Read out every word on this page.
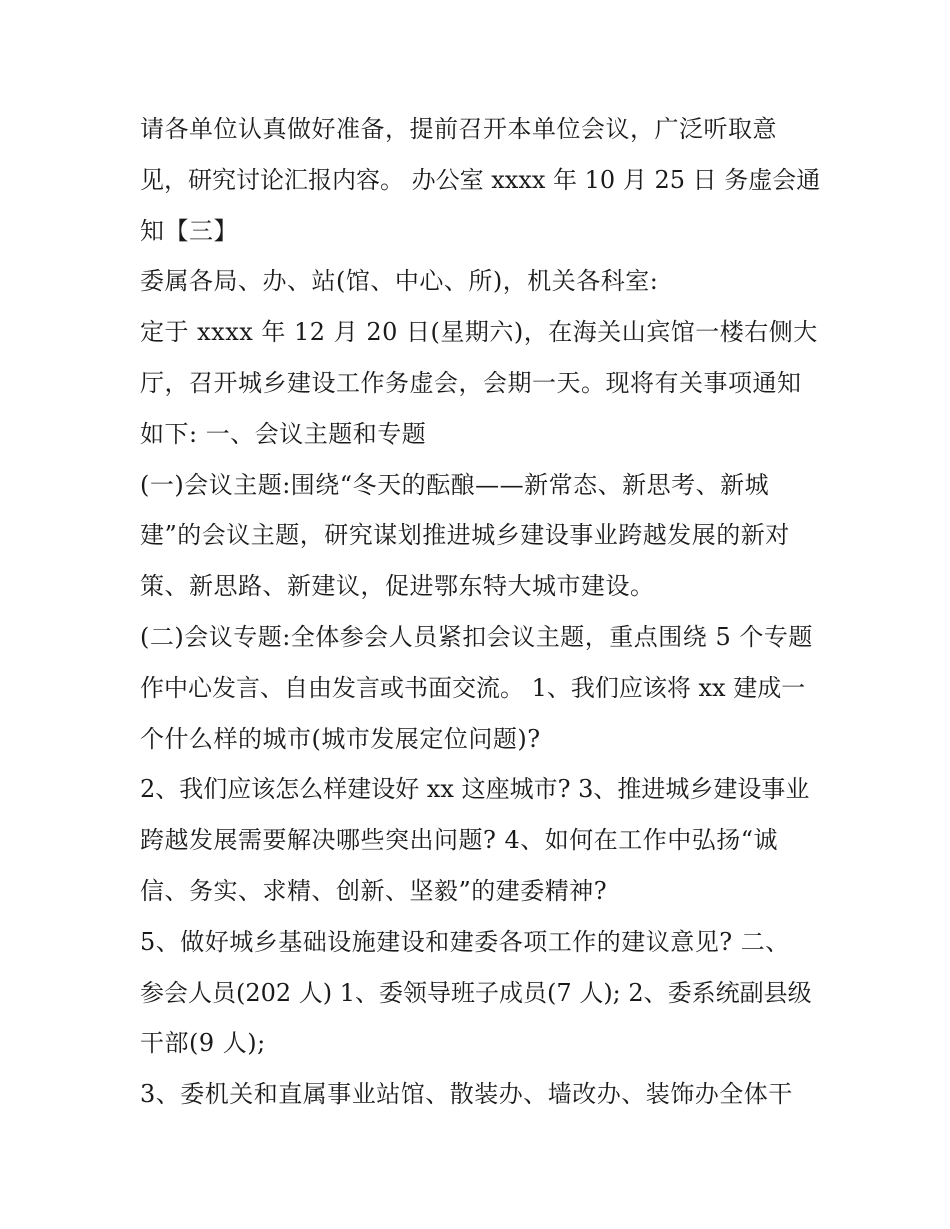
请各单位认真做好准备，提前召开本单位会议，广泛听取意
见，研究讨论汇报内容。 办公室 xxxx 年 10 月 25 日 务虚会通
知【三】
委属各局、办、站(馆、中心、所)，机关各科室:
定于 xxxx 年 12 月 20 日(星期六)，在海关山宾馆一楼右侧大
厅，召开城乡建设工作务虚会，会期一天。现将有关事项通知
如下: 一、会议主题和专题
(一)会议主题:围绕“冬天的酝酿——新常态、新思考、新城
建”的会议主题，研究谋划推进城乡建设事业跨越发展的新对
策、新思路、新建议，促进鄂东特大城市建设。
(二)会议专题:全体参会人员紧扣会议主题，重点围绕 5 个专题
作中心发言、自由发言或书面交流。 1、我们应该将 xx 建成一
个什么样的城市(城市发展定位问题)?
2、我们应该怎么样建设好 xx 这座城市? 3、推进城乡建设事业
跨越发展需要解决哪些突出问题? 4、如何在工作中弘扬“诚
信、务实、求精、创新、坚毅”的建委精神?
5、做好城乡基础设施建设和建委各项工作的建议意见? 二、
参会人员(202 人) 1、委领导班子成员(7 人); 2、委系统副县级
干部(9 人);
3、委机关和直属事业站馆、散装办、墙改办、装饰办全体干
